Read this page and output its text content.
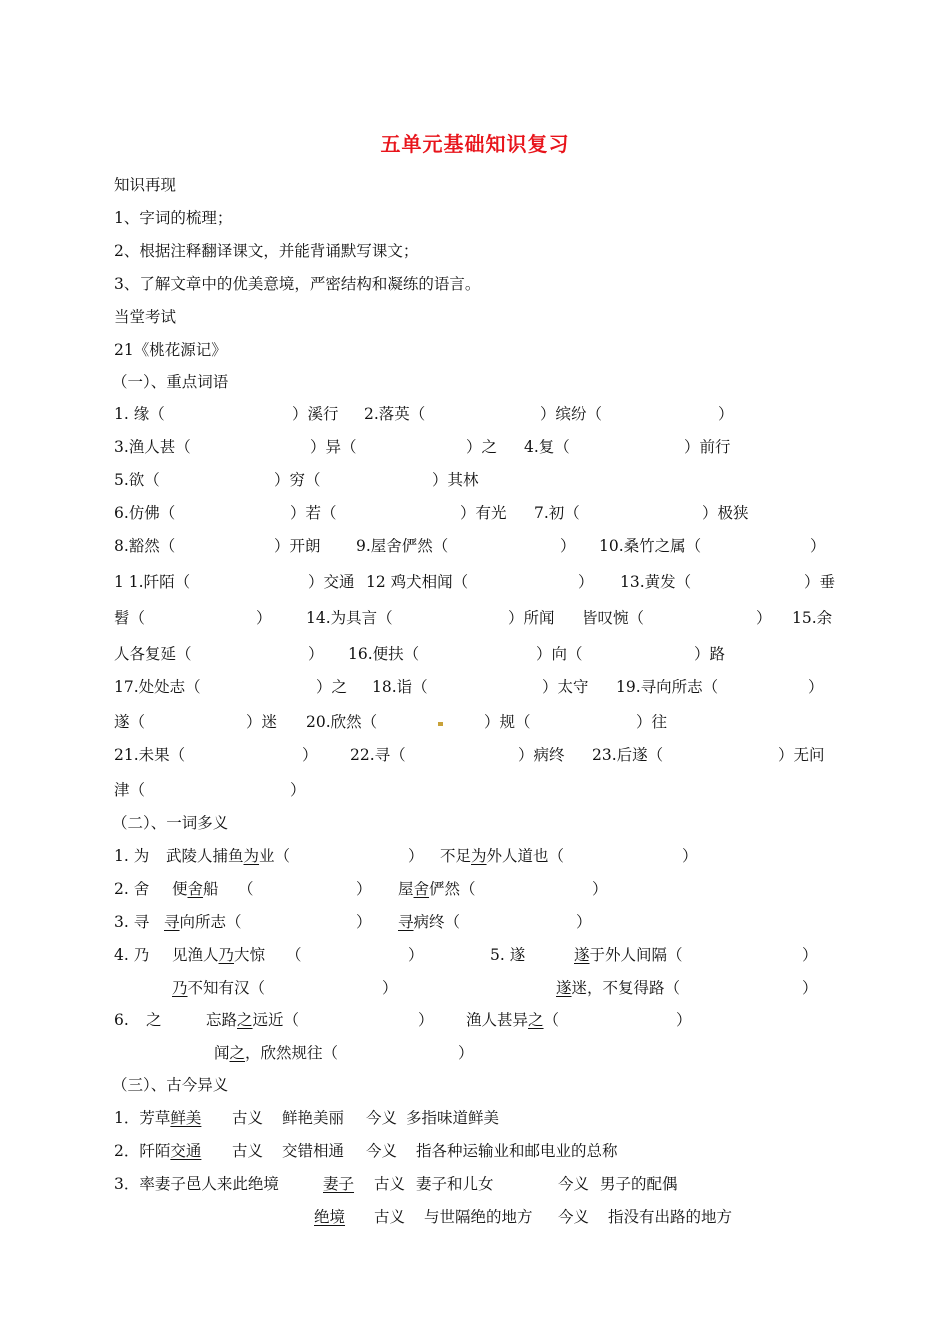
五单元基础知识复习
知识再现
1、字词的梳理；
2、根据注释翻译课文，并能背诵默写课文；
3、了解文章中的优美意境，严密结构和凝练的语言。
当堂考试
21《桃花源记》
（一）、重点词语
1. 缘（	）溪行 2.落英（	）缤纷（	）
3.渔人甚（	）异（	）之 4.复（	）前行
5.欲（	）穷（	）其林
6.仿佛（	）若（	）有光 7.初（	）极狭
8.豁然（	）开朗 9.屋舍俨然（	） 10.桑竹之属（	）
1 1.阡陌（	）交通 12 鸡犬相闻（	） 13.黄发（	）垂
髫（	） 14.为具言（	）所闻 皆叹惋（	） 15.余
人各复延（	） 16.便扶（	）向（	）路
17.处处志（	）之 18.诣（	）太守 19.寻向所志（	）
遂（	）迷 20.欣然（	）规（	）往
21.未果（	） 22.寻（	）病终 23.后遂（	）无问
津（	）
（二）、一词多义
1. 为 武陵人捕鱼为业（	） 不足为外人道也（	）
2. 舍 便舍船 （	） 屋舍俨然（	）
3. 寻 寻向所志（	） 寻病终（	）
4. 乃 见渔人乃大惊 （	）	5. 遂	遂于外人间隔（	）
乃不知有汉（	）	遂迷，不复得路（	）
6. 之	忘路之远近（	） 渔人甚异之（	）
闻之，欣然规往（	）
（三）、古今异义
1．芳草鲜美 古义 鲜艳美丽 今义 多指味道鲜美
2．阡陌交通 古义 交错相通 今义 指各种运输业和邮电业的总称
3．率妻子邑人来此绝境	妻子 古义 妻子和儿女	今义 男子的配偶
绝境 古义 与世隔绝的地方 今义 指没有出路的地方
